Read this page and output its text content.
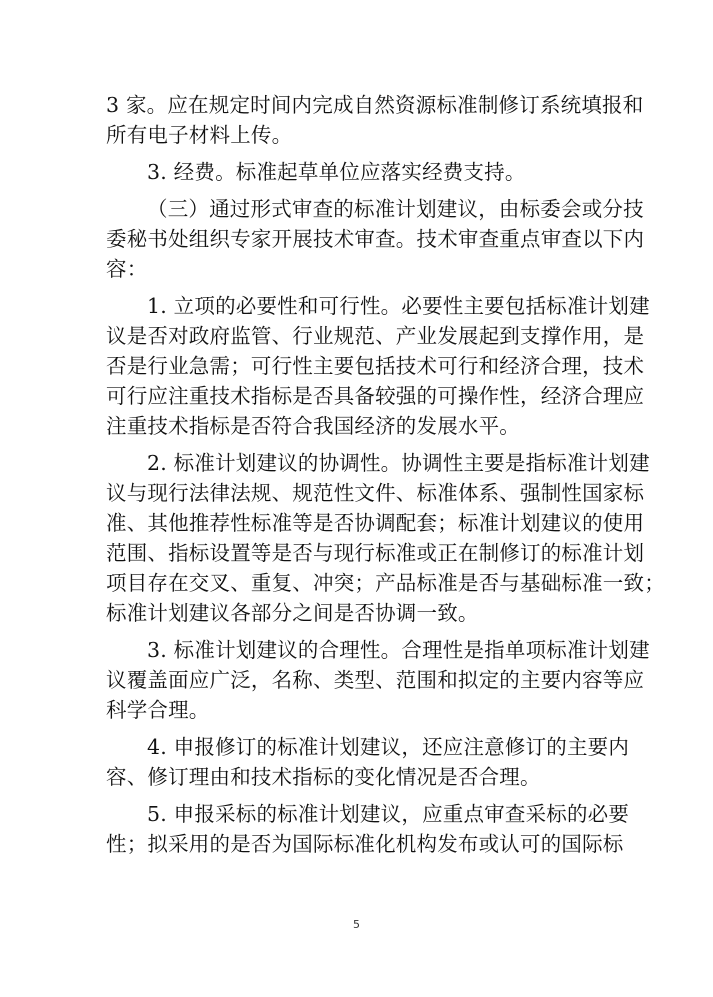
3 家。应在规定时间内完成自然资源标准制修订系统填报和
所有电子材料上传。
3. 经费。标准起草单位应落实经费支持。
（三）通过形式审查的标准计划建议，由标委会或分技
委秘书处组织专家开展技术审查。技术审查重点审查以下内
容：
1. 立项的必要性和可行性。必要性主要包括标准计划建
议是否对政府监管、行业规范、产业发展起到支撑作用，是
否是行业急需；可行性主要包括技术可行和经济合理，技术
可行应注重技术指标是否具备较强的可操作性，经济合理应
注重技术指标是否符合我国经济的发展水平。
2. 标准计划建议的协调性。协调性主要是指标准计划建
议与现行法律法规、规范性文件、标准体系、强制性国家标
准、其他推荐性标准等是否协调配套；标准计划建议的使用
范围、指标设置等是否与现行标准或正在制修订的标准计划
项目存在交叉、重复、冲突；产品标准是否与基础标准一致；
标准计划建议各部分之间是否协调一致。
3. 标准计划建议的合理性。合理性是指单项标准计划建
议覆盖面应广泛，名称、类型、范围和拟定的主要内容等应
科学合理。
4. 申报修订的标准计划建议，还应注意修订的主要内
容、修订理由和技术指标的变化情况是否合理。
5. 申报采标的标准计划建议，应重点审查采标的必要
性；拟采用的是否为国际标准化机构发布或认可的国际标
5
